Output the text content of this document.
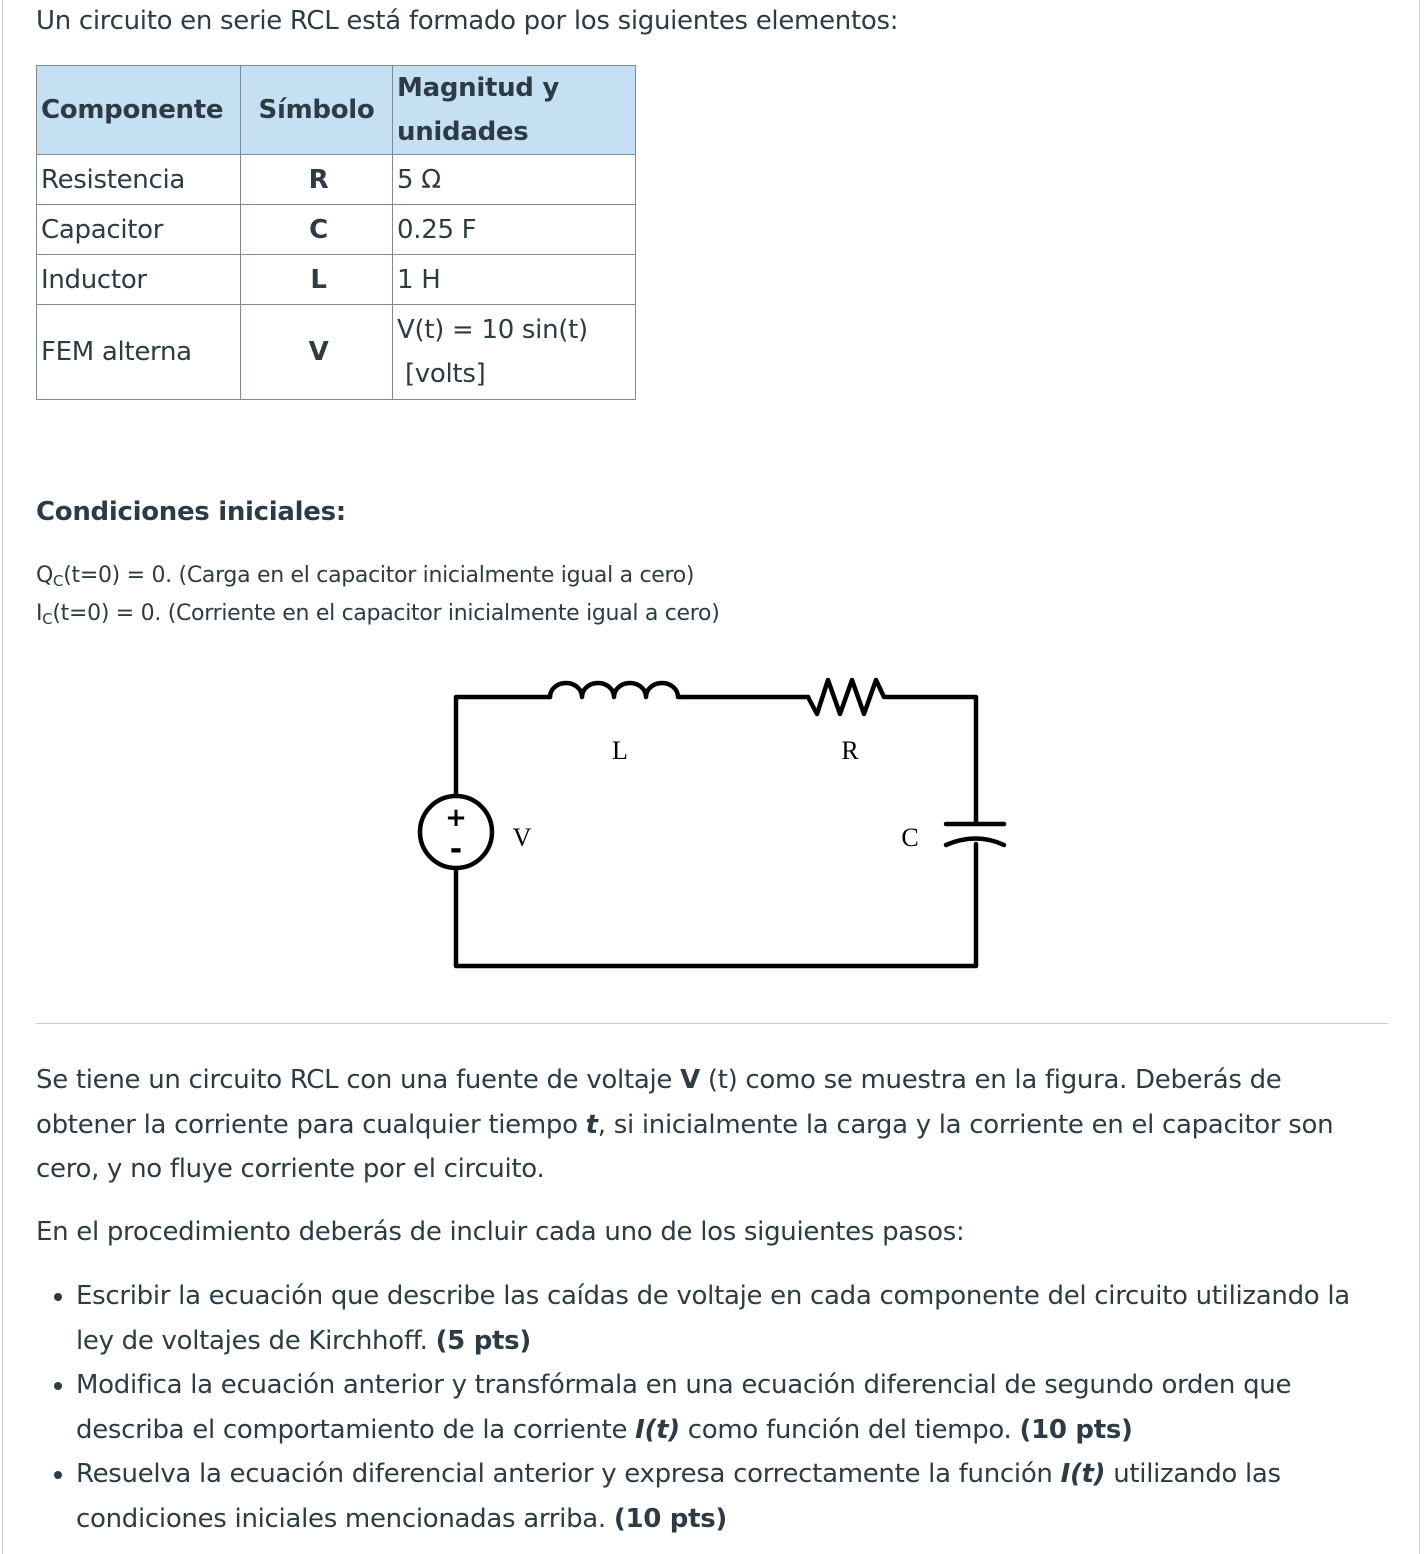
Un circuito en serie RCL está formado por los siguientes elementos:

Componente	Símbolo	Magnitud y
unidades
Resistencia	R	5 Ω
Capacitor	C	0.25 F
Inductor	L	1 H
FEM alterna	V	V(t) = 10 sin(t)
[volts]

Condiciones iniciales:

$Q_C(t=0) = 0$. (Carga en el capacitor inicialmente igual a cero)

$I_C(t=0) = 0$. (Corriente en el capacitor inicialmente igual a cero)

+
-
L	R
V	C

Se tiene un circuito RCL con una fuente de voltaje V (t) como se muestra en la figura. Deberás de obtener la corriente para cualquier tiempo t, si inicialmente la carga y la corriente en el capacitor son cero, y no fluye corriente por el circuito.

En el procedimiento deberás de incluir cada uno de los siguientes pasos:

• Escribir la ecuación que describe las caídas de voltaje en cada componente del circuito utilizando la ley de voltajes de Kirchhoff. (5 pts)
• Modifica la ecuación anterior y transfórmala en una ecuación diferencial de segundo orden que describa el comportamiento de la corriente I(t) como función del tiempo. (10 pts)
• Resuelva la ecuación diferencial anterior y expresa correctamente la función I(t) utilizando las condiciones iniciales mencionadas arriba. (10 pts)
